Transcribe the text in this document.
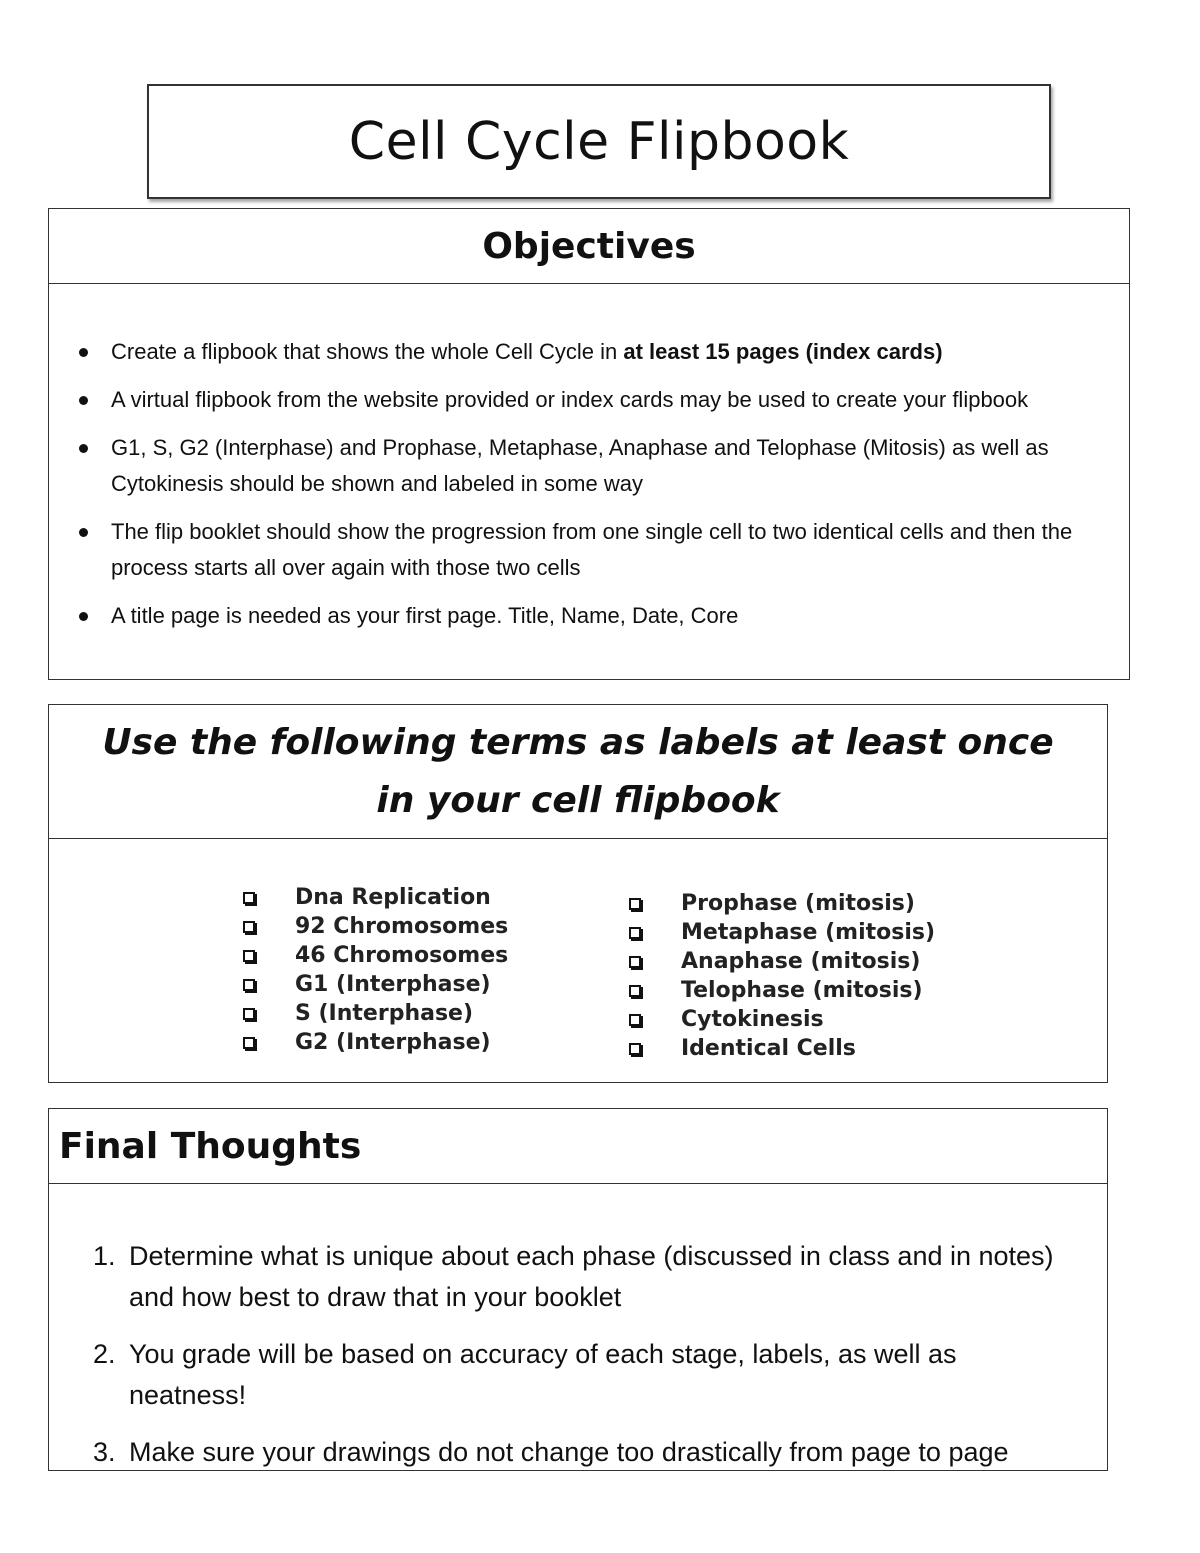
Cell Cycle Flipbook
Objectives
Create a flipbook that shows the whole Cell Cycle in at least 15 pages (index cards)
A virtual flipbook from the website provided or index cards may be used to create your flipbook
G1, S, G2 (Interphase) and Prophase, Metaphase, Anaphase and Telophase (Mitosis) as well as Cytokinesis should be shown and labeled in some way
The flip booklet should show the progression from one single cell to two identical cells and then the process starts all over again with those two cells
A title page is needed as your first page. Title, Name, Date, Core
Use the following terms as labels at least once in your cell flipbook
Dna Replication
92 Chromosomes
46 Chromosomes
G1 (Interphase)
S (Interphase)
G2 (Interphase)
Prophase (mitosis)
Metaphase (mitosis)
Anaphase (mitosis)
Telophase (mitosis)
Cytokinesis
Identical Cells
Final Thoughts
1. Determine what is unique about each phase (discussed in class and in notes) and how best to draw that in your booklet
2. You grade will be based on accuracy of each stage, labels, as well as neatness!
3. Make sure your drawings do not change too drastically from page to page
